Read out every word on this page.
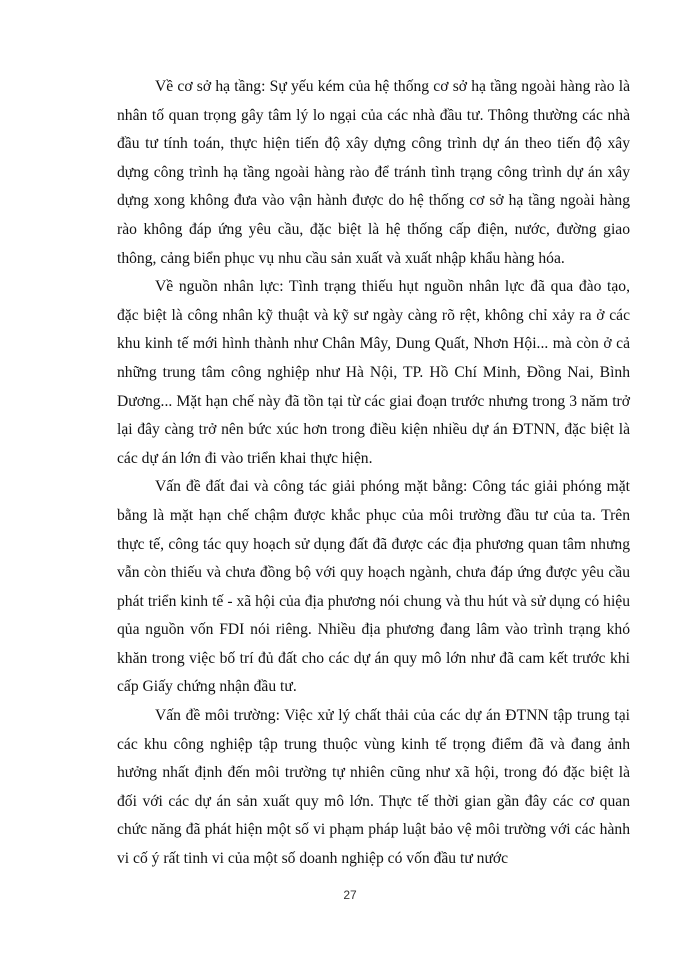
Về cơ sở hạ tầng: Sự yếu kém của hệ thống cơ sở hạ tầng ngoài hàng rào là nhân tố quan trọng gây tâm lý lo ngại của các nhà đầu tư. Thông thường các nhà đầu tư tính toán, thực hiện tiến độ xây dựng công trình dự án theo tiến độ xây dựng công trình hạ tầng ngoài hàng rào để tránh tình trạng công trình dự án xây dựng xong không đưa vào vận hành được do hệ thống cơ sở hạ tầng ngoài hàng rào không đáp ứng yêu cầu, đặc biệt là hệ thống cấp điện, nước, đường giao thông, cảng biển phục vụ nhu cầu sản xuất và xuất nhập khẩu hàng hóa.

Về nguồn nhân lực: Tình trạng thiếu hụt nguồn nhân lực đã qua đào tạo, đặc biệt là công nhân kỹ thuật và kỹ sư ngày càng rõ rệt, không chỉ xảy ra ở các khu kinh tế mới hình thành như Chân Mây, Dung Quất, Nhơn Hội... mà còn ở cả những trung tâm công nghiệp như Hà Nội, TP. Hồ Chí Minh, Đồng Nai, Bình Dương... Mặt hạn chế này đã tồn tại từ các giai đoạn trước nhưng trong 3 năm trở lại đây càng trở nên bức xúc hơn trong điều kiện nhiều dự án ĐTNN, đặc biệt là các dự án lớn đi vào triển khai thực hiện.

Vấn đề đất đai và công tác giải phóng mặt bằng: Công tác giải phóng mặt bằng là mặt hạn chế chậm được khắc phục của môi trường đầu tư của ta. Trên thực tế, công tác quy hoạch sử dụng đất đã được các địa phương quan tâm nhưng vẫn còn thiếu và chưa đồng bộ với quy hoạch ngành, chưa đáp ứng được yêu cầu phát triển kinh tế - xã hội của địa phương nói chung và thu hút và sử dụng có hiệu qủa nguồn vốn FDI nói riêng. Nhiều địa phương đang lâm vào trình trạng khó khăn trong việc bố trí đủ đất cho các dự án quy mô lớn như đã cam kết trước khi cấp Giấy chứng nhận đầu tư.

Vấn đề môi trường: Việc xử lý chất thải của các dự án ĐTNN tập trung tại các khu công nghiệp tập trung thuộc vùng kinh tế trọng điểm đã và đang ảnh hưởng nhất định đến môi trường tự nhiên cũng như xã hội, trong đó đặc biệt là đối với các dự án sản xuất quy mô lớn. Thực tế thời gian gần đây các cơ quan chức năng đã phát hiện một số vi phạm pháp luật bảo vệ môi trường với các hành vi cố ý rất tinh vi của một số doanh nghiệp có vốn đầu tư nước

27
